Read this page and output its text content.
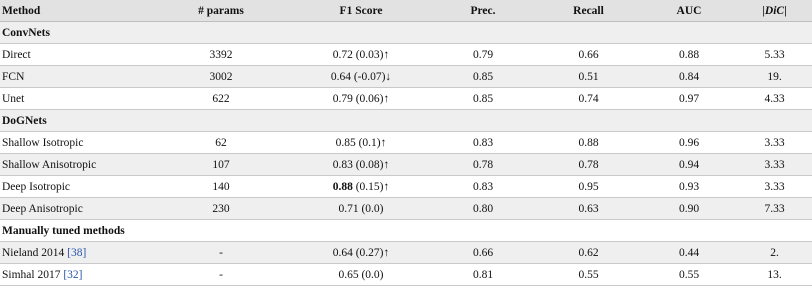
Method	# params	F1 Score	Prec.	Recall	AUC	|DiC|
ConvNets						
Direct	3392	0.72 (0.03)↑	0.79	0.66	0.88	5.33
FCN	3002	0.64 (-0.07)↓	0.85	0.51	0.84	19.
Unet	622	0.79 (0.06)↑	0.85	0.74	0.97	4.33
DoGNets						
Shallow Isotropic	62	0.85 (0.1)↑	0.83	0.88	0.96	3.33
Shallow Anisotropic	107	0.83 (0.08)↑	0.78	0.78	0.94	3.33
Deep Isotropic	140	0.88 (0.15)↑	0.83	0.95	0.93	3.33
Deep Anisotropic	230	0.71 (0.0)	0.80	0.63	0.90	7.33
Manually tuned methods						
Nieland 2014 [38]	-	0.64 (0.27)↑	0.66	0.62	0.44	2.
Simhal 2017 [32]	-	0.65 (0.0)	0.81	0.55	0.55	13.
